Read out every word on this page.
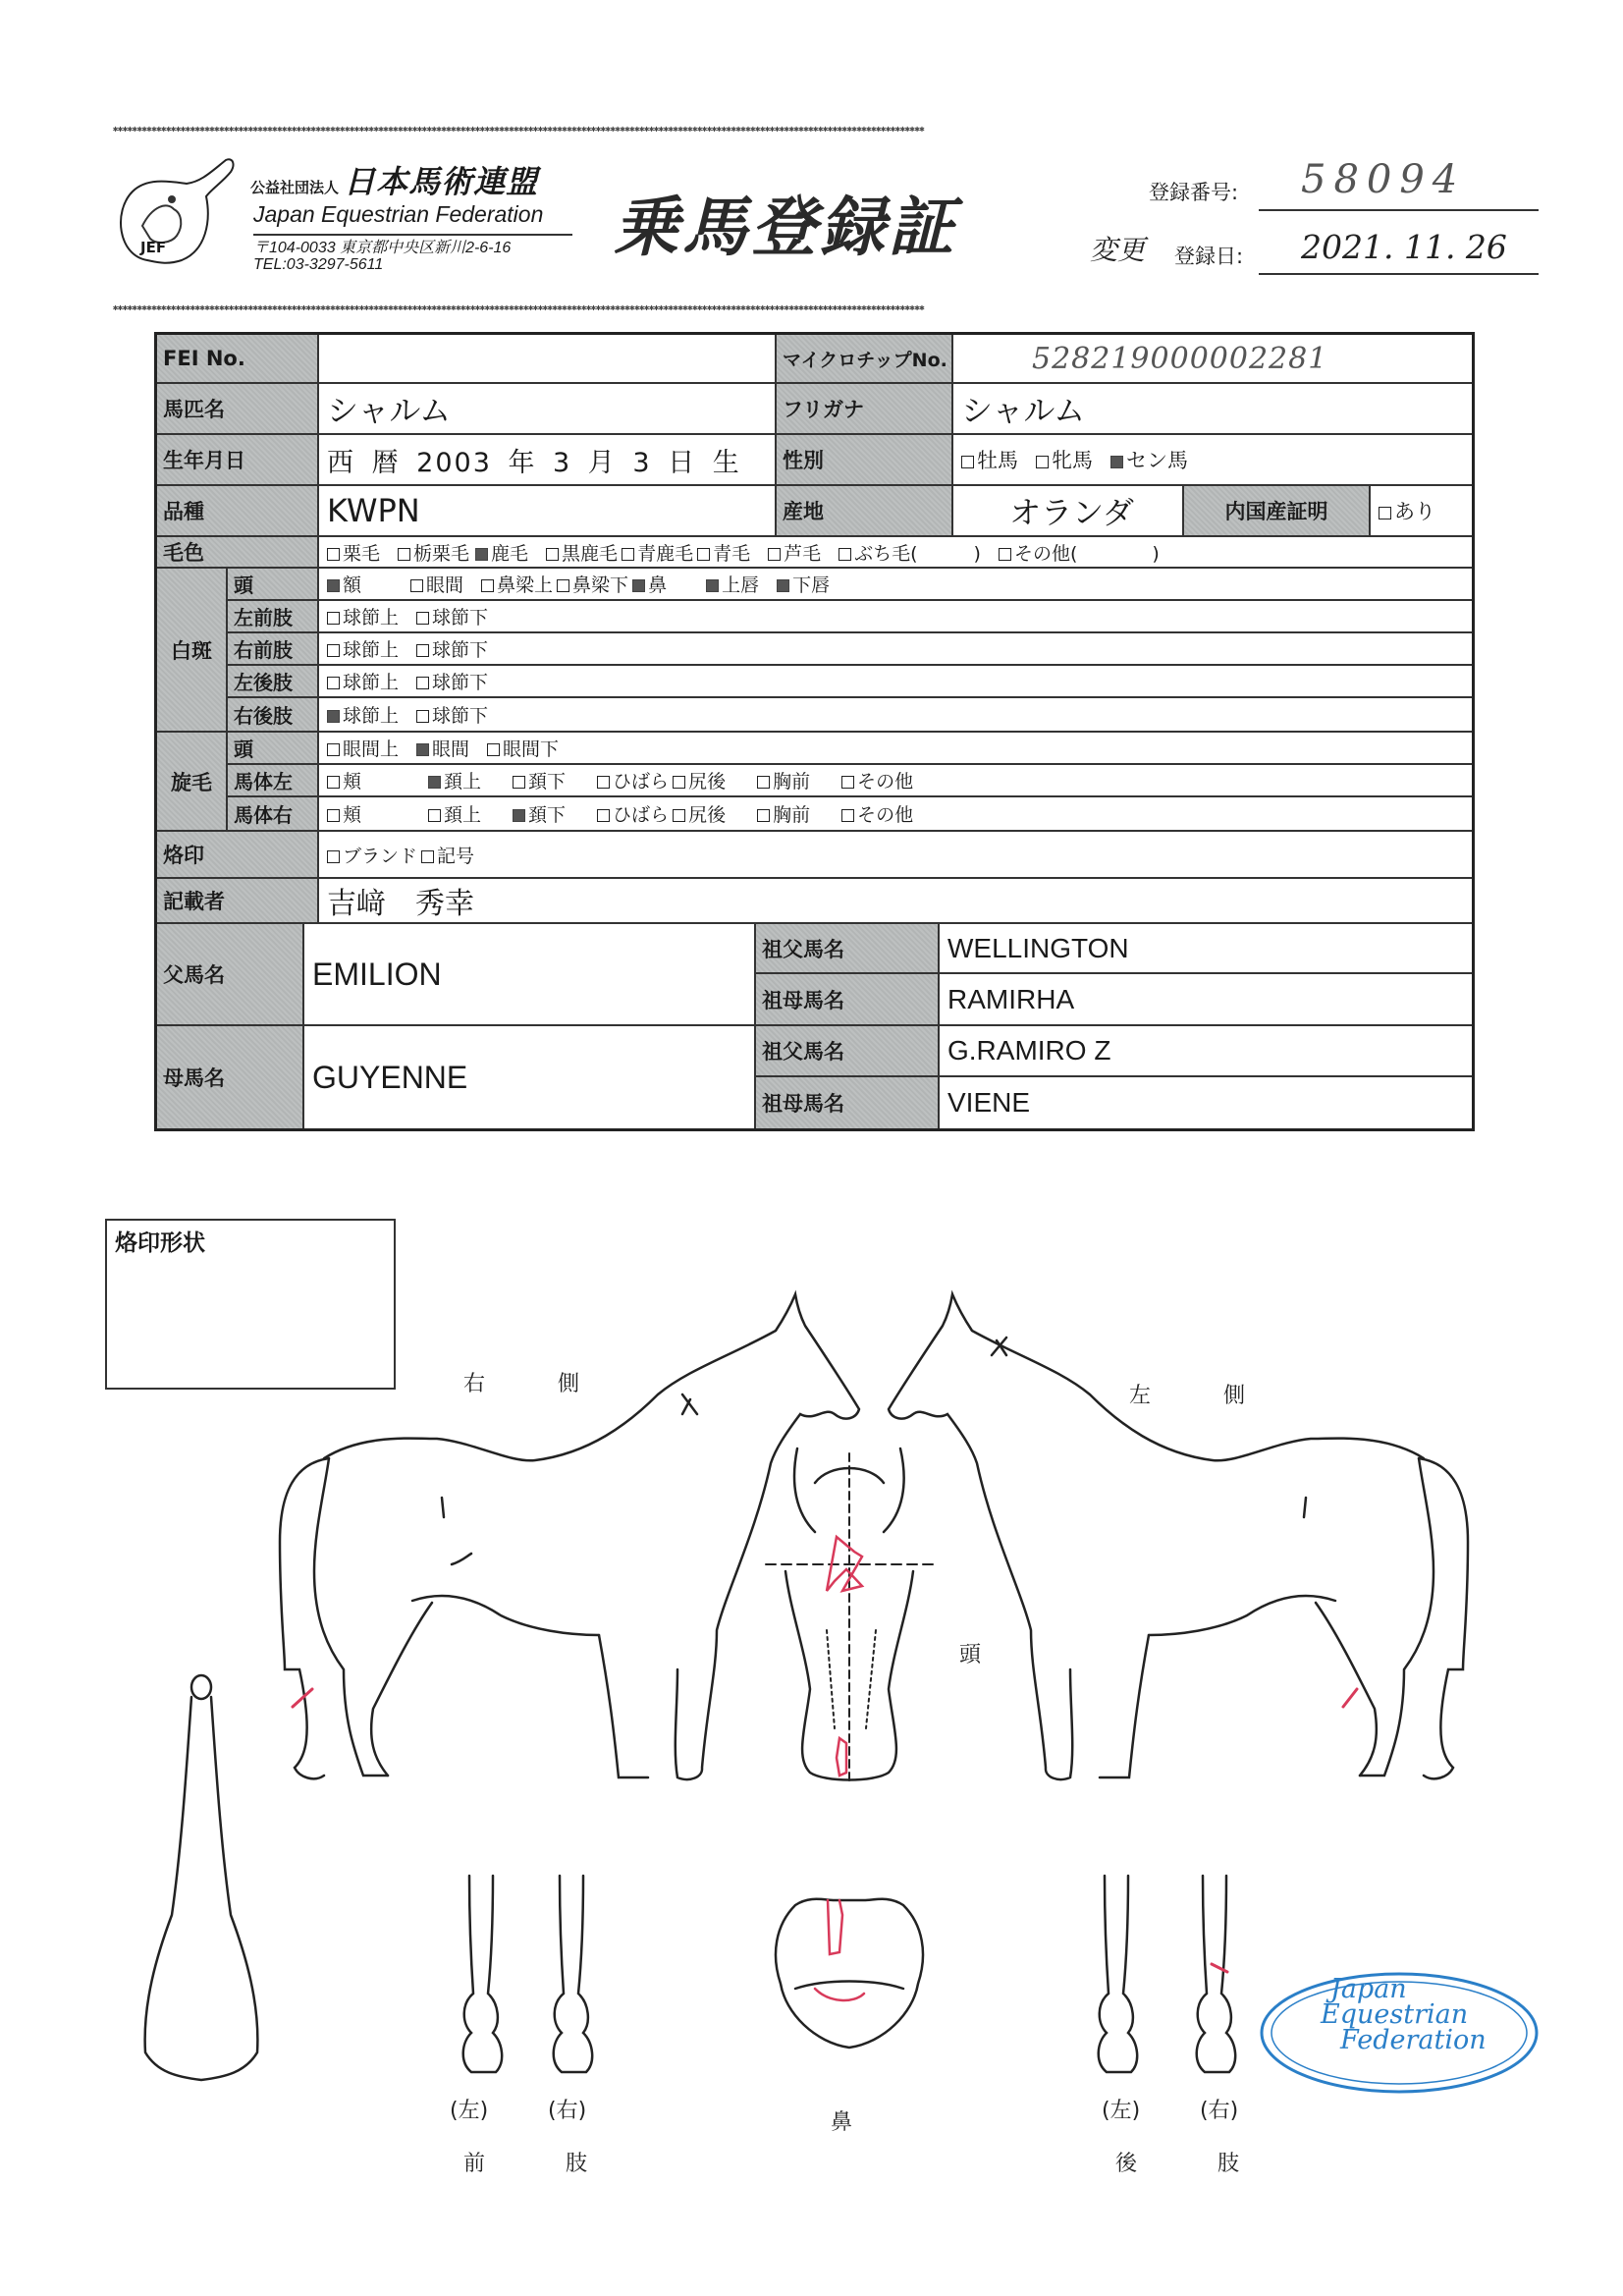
✱✱✱✱✱✱✱✱✱✱✱✱✱✱✱✱✱✱✱✱✱✱✱✱✱✱✱✱✱✱✱✱✱✱✱✱✱✱✱✱✱✱✱✱✱✱✱✱✱✱✱✱✱✱✱✱✱✱✱✱✱✱✱✱✱✱✱✱✱✱✱✱✱✱✱✱✱✱✱✱✱✱✱✱✱✱✱✱✱✱✱✱✱✱✱✱✱✱✱✱✱✱✱✱✱✱✱✱✱✱✱✱✱✱✱✱✱✱✱✱✱✱✱✱✱✱✱✱✱✱✱✱✱✱✱✱✱✱✱✱✱✱✱✱✱✱✱✱✱✱✱✱✱✱✱✱✱✱✱✱✱✱✱✱✱✱✱✱
✱✱✱✱✱✱✱✱✱✱✱✱✱✱✱✱✱✱✱✱✱✱✱✱✱✱✱✱✱✱✱✱✱✱✱✱✱✱✱✱✱✱✱✱✱✱✱✱✱✱✱✱✱✱✱✱✱✱✱✱✱✱✱✱✱✱✱✱✱✱✱✱✱✱✱✱✱✱✱✱✱✱✱✱✱✱✱✱✱✱✱✱✱✱✱✱✱✱✱✱✱✱✱✱✱✱✱✱✱✱✱✱✱✱✱✱✱✱✱✱✱✱✱✱✱✱✱✱✱✱✱✱✱✱✱✱✱✱✱✱✱✱✱✱✱✱✱✱✱✱✱✱✱✱✱✱✱✱✱✱✱✱✱✱✱✱✱✱
JEF
公益社団法人 日本馬術連盟
Japan Equestrian Federation
〒104-0033 東京都中央区新川2-6-16
TEL:03-3297-5611	乗馬登録証	登録番号: 58094
変更 登録日: 2021. 11. 26
FEI No.	マイクロチップNo.	528219000002281
馬匹名	シャルム	フリガナ	シャルム
生年月日	西 暦 2003 年 3 月 3 日 生	性別	牡馬	牝馬	セン馬
品種	KWPN	産地	オランダ	内国産証明	あり
毛色	栗毛	栃栗毛	鹿毛	黒鹿毛	青鹿毛	青毛	芦毛	ぶち毛(　　　)	その他(　　　　)
白斑
頭	額	眼間	鼻梁上	鼻梁下	鼻	上唇	下唇
左前肢	球節上	球節下
右前肢	球節上	球節下
左後肢	球節上	球節下
右後肢	球節上	球節下
旋毛
頭	眼間上	眼間	眼間下
馬体左	頬	頚上	頚下	ひばら	尻後	胸前	その他
馬体右	頬	頚上	頚下	ひばら	尻後	胸前	その他
烙印	ブランド	記号
記載者	吉﨑　秀幸
父馬名	EMILION
祖父馬名	WELLINGTON
祖母馬名	RAMIRHA
母馬名	GUYENNE
祖父馬名	G.RAMIRO Z
祖母馬名	VIENE
烙印形状
右　　　側	左　　　側
頭
鼻
(左)	(右)
前	肢
(左)	(右)
後	肢
Japan
Equestrian
Federation
